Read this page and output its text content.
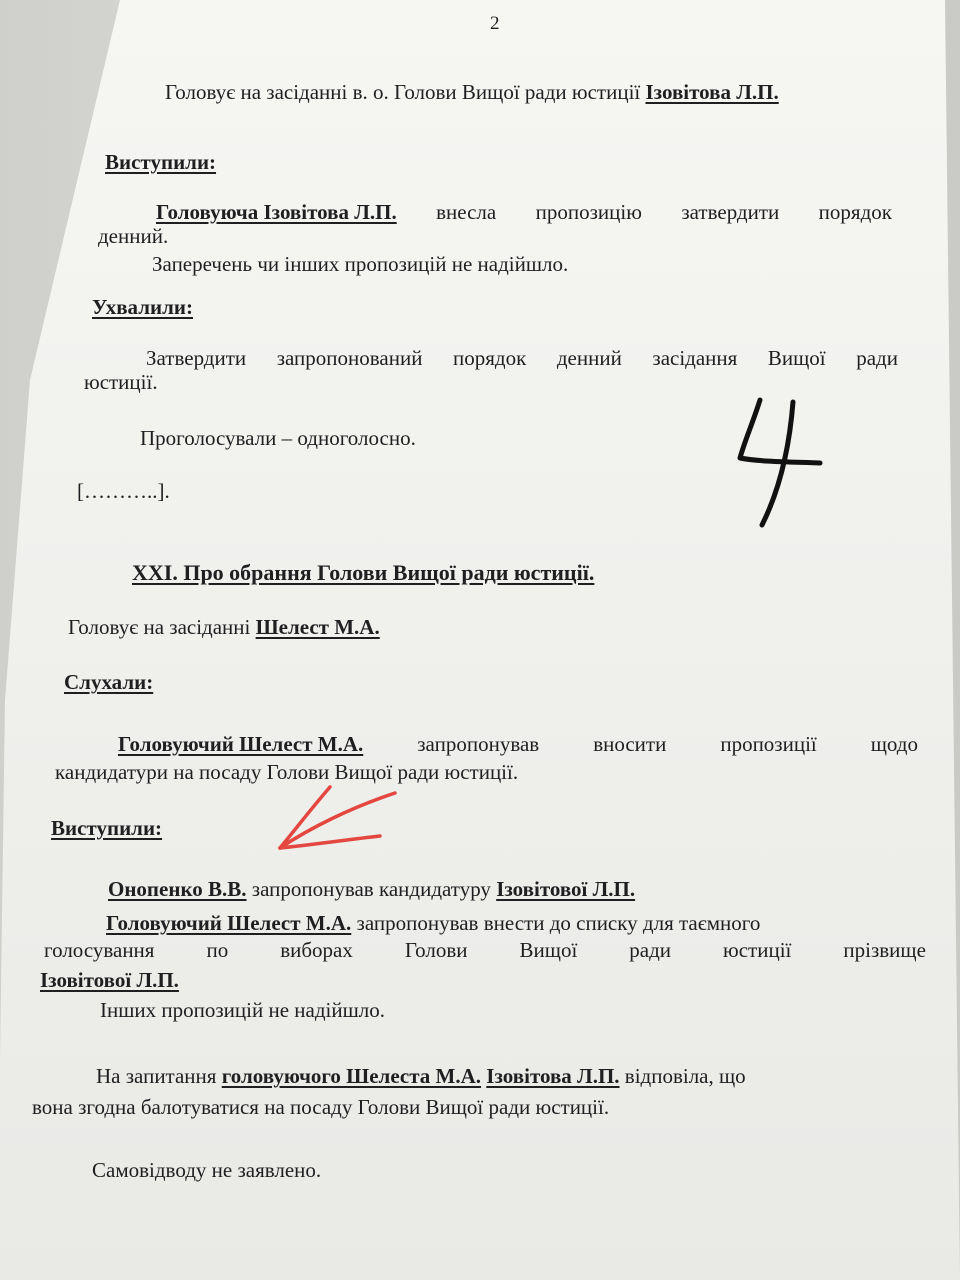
2
Головує на засіданні в. о. Голови Вищої ради юстиції Ізовітова Л.П.
Виступили:
Головуюча Ізовітова Л.П. внесла пропозицію затвердити порядок
денний.
Заперечень чи інших пропозицій не надійшло.
Ухвалили:
Затвердити запропонований порядок денний засідання Вищої ради
юстиції.
Проголосували – одноголосно.
[………..].
XXI. Про обрання Голови Вищої ради юстиції.
Головує на засіданні Шелест М.А.
Слухали:
Головуючий Шелест М.А.	запропонував	вносити	пропозиції	щодо
кандидатури на посаду Голови Вищої ради юстиції.
Виступили:
Онопенко В.В. запропонував кандидатуру Ізовітової Л.П.
Головуючий Шелест М.А. запропонував внести до списку для таємного
голосування по виборах Голови Вищої ради юстиції прізвище
Ізовітової Л.П.
Інших пропозицій не надійшло.
На запитання головуючого Шелеста М.А. Ізовітова Л.П. відповіла, що
вона згодна балотуватися на посаду Голови Вищої ради юстиції.
Самовідводу не заявлено.
